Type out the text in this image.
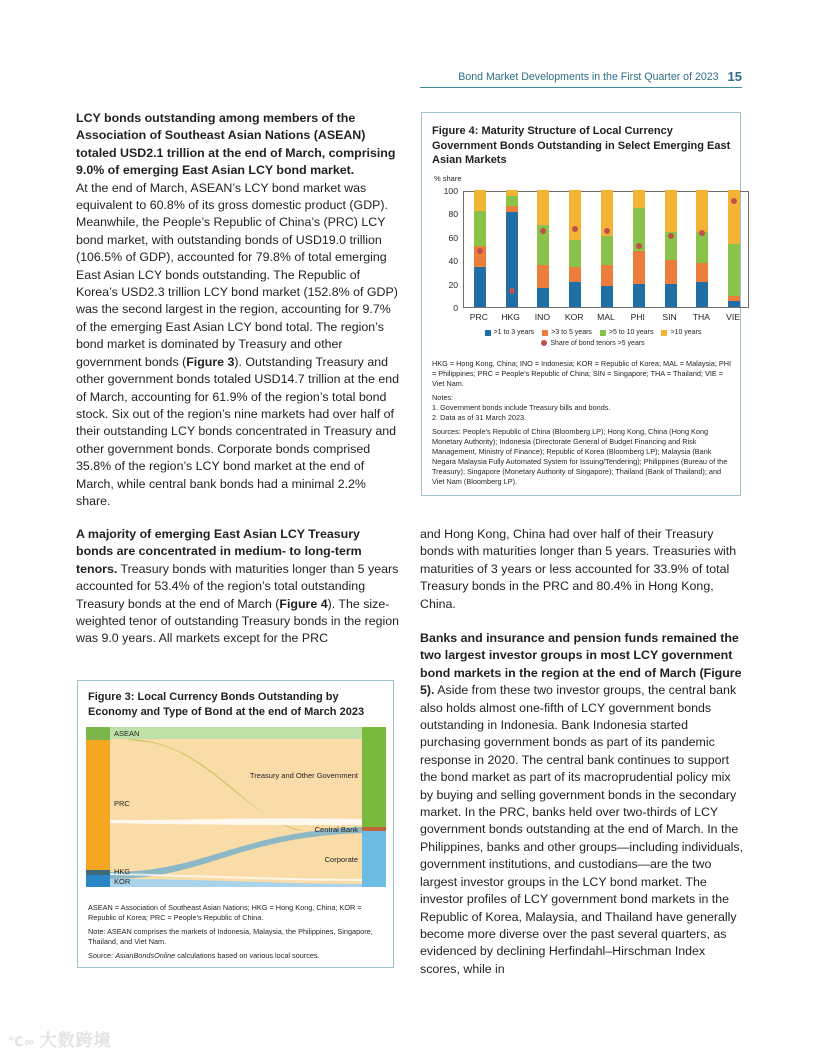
Bond Market Developments in the First Quarter of 2023 15

LCY bonds outstanding among members of the Association of Southeast Asian Nations (ASEAN) totaled USD2.1 trillion at the end of March, comprising 9.0% of emerging East Asian LCY bond market.
At the end of March, ASEAN’s LCY bond market was equivalent to 60.8% of its gross domestic product (GDP). Meanwhile, the People’s Republic of China’s (PRC) LCY bond market, with outstanding bonds of USD19.0 trillion (106.5% of GDP), accounted for 79.8% of total emerging East Asian LCY bonds outstanding. The Republic of Korea’s USD2.3 trillion LCY bond market (152.8% of GDP) was the second largest in the region, accounting for 9.7% of the emerging East Asian LCY bond total. The region’s bond market is dominated by Treasury and other government bonds (Figure 3). Outstanding Treasury and other government bonds totaled USD14.7 trillion at the end of March, accounting for 61.9% of the region’s total bond stock. Six out of the region’s nine markets had over half of their outstanding LCY bonds concentrated in Treasury and other government bonds. Corporate bonds comprised 35.8% of the region’s LCY bond market at the end of March, while central bank bonds had a minimal 2.2% share.

A majority of emerging East Asian LCY Treasury bonds are concentrated in medium- to long-term tenors. Treasury bonds with maturities longer than 5 years accounted for 53.4% of the region’s total outstanding Treasury bonds at the end of March (Figure 4). The size-weighted tenor of outstanding Treasury bonds in the region was 9.0 years. All markets except for the PRC

and Hong Kong, China had over half of their Treasury bonds with maturities longer than 5 years. Treasuries with maturities of 3 years or less accounted for 33.9% of total Treasury bonds in the PRC and 80.4% in Hong Kong, China.

Banks and insurance and pension funds remained the two largest investor groups in most LCY government bond markets in the region at the end of March (Figure 5). Aside from these two investor groups, the central bank also holds almost one-fifth of LCY government bonds outstanding in Indonesia. Bank Indonesia started purchasing government bonds as part of its pandemic response in 2020. The central bank continues to support the bond market as part of its macroprudential policy mix by buying and selling government bonds in the secondary market. In the PRC, banks held over two-thirds of LCY government bonds outstanding at the end of March. In the Philippines, banks and other groups—including individuals, government institutions, and custodians—are the two largest investor groups in the LCY bond market. The investor profiles of LCY government bond markets in the Republic of Korea, Malaysia, and Thailand have generally become more diverse over the past several quarters, as evidenced by declining Herfindahl–Hirschman Index scores, while in

Figure 4: Maturity Structure of Local Currency Government Bonds Outstanding in Select Emerging East Asian Markets
% share
0
20
40
60
80
100
PRC HKG INO KOR MAL PHI SIN THA VIE
>1 to 3 years >3 to 5 years >5 to 10 years >10 years
Share of bond tenors >5 years

HKG = Hong Kong, China; INO = Indonesia; KOR = Republic of Korea; MAL = Malaysia; PHI = Philippines; PRC = People’s Republic of China; SIN = Singapore; THA = Thailand; VIE = Viet Nam.

Notes:

1. Government bonds include Treasury bills and bonds.

2. Data as of 31 March 2023.

Sources: People’s Republic of China (Bloomberg LP); Hong Kong, China (Hong Kong Monetary Authority); Indonesia (Directorate General of Budget Financing and Risk Management, Ministry of Finance); Republic of Korea (Bloomberg LP); Malaysia (Bank Negara Malaysia Fully Automated System for Issuing/Tendering); Philippines (Bureau of the Treasury); Singapore (Monetary Authority of Singapore); Thailand (Bank of Thailand); and Viet Nam (Bloomberg LP).

Figure 3: Local Currency Bonds Outstanding by Economy and Type of Bond at the end of March 2023
ASEAN
PRC
HKG
KOR
Treasury and Other Government
Central Bank
Corporate

ASEAN = Association of Southeast Asian Nations; HKG = Hong Kong, China; KOR = Republic of Korea; PRC = People’s Republic of China.

Note: ASEAN comprises the markets of Indonesia, Malaysia, the Philippines, Singapore, Thailand, and Viet Nam.

Source: AsianBondsOnline calculations based on various local sources.

℃∞ 大数跨境
